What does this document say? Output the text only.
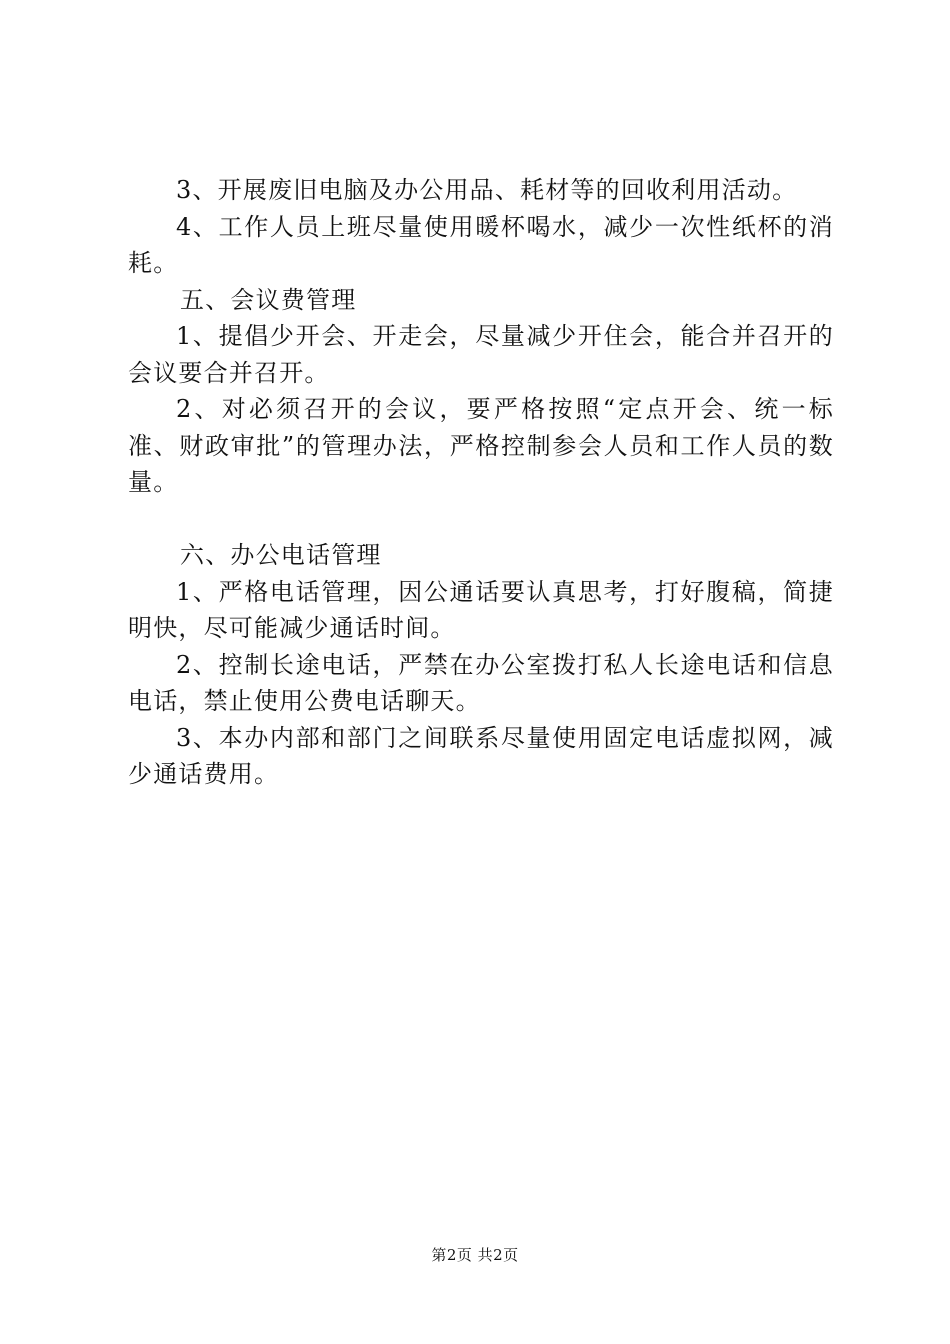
3、开展废旧电脑及办公用品、耗材等的回收利用活动。

4、工作人员上班尽量使用暖杯喝水，减少一次性纸杯的消耗。

五、会议费管理

1、提倡少开会、开走会，尽量减少开住会，能合并召开的会议要合并召开。

2、对必须召开的会议，要严格按照“定点开会、统一标准、财政审批”的管理办法，严格控制参会人员和工作人员的数量。

六、办公电话管理

1、严格电话管理，因公通话要认真思考，打好腹稿，简捷明快，尽可能减少通话时间。

2、控制长途电话，严禁在办公室拨打私人长途电话和信息电话，禁止使用公费电话聊天。

3、本办内部和部门之间联系尽量使用固定电话虚拟网，减少通话费用。

第2页 共2页
